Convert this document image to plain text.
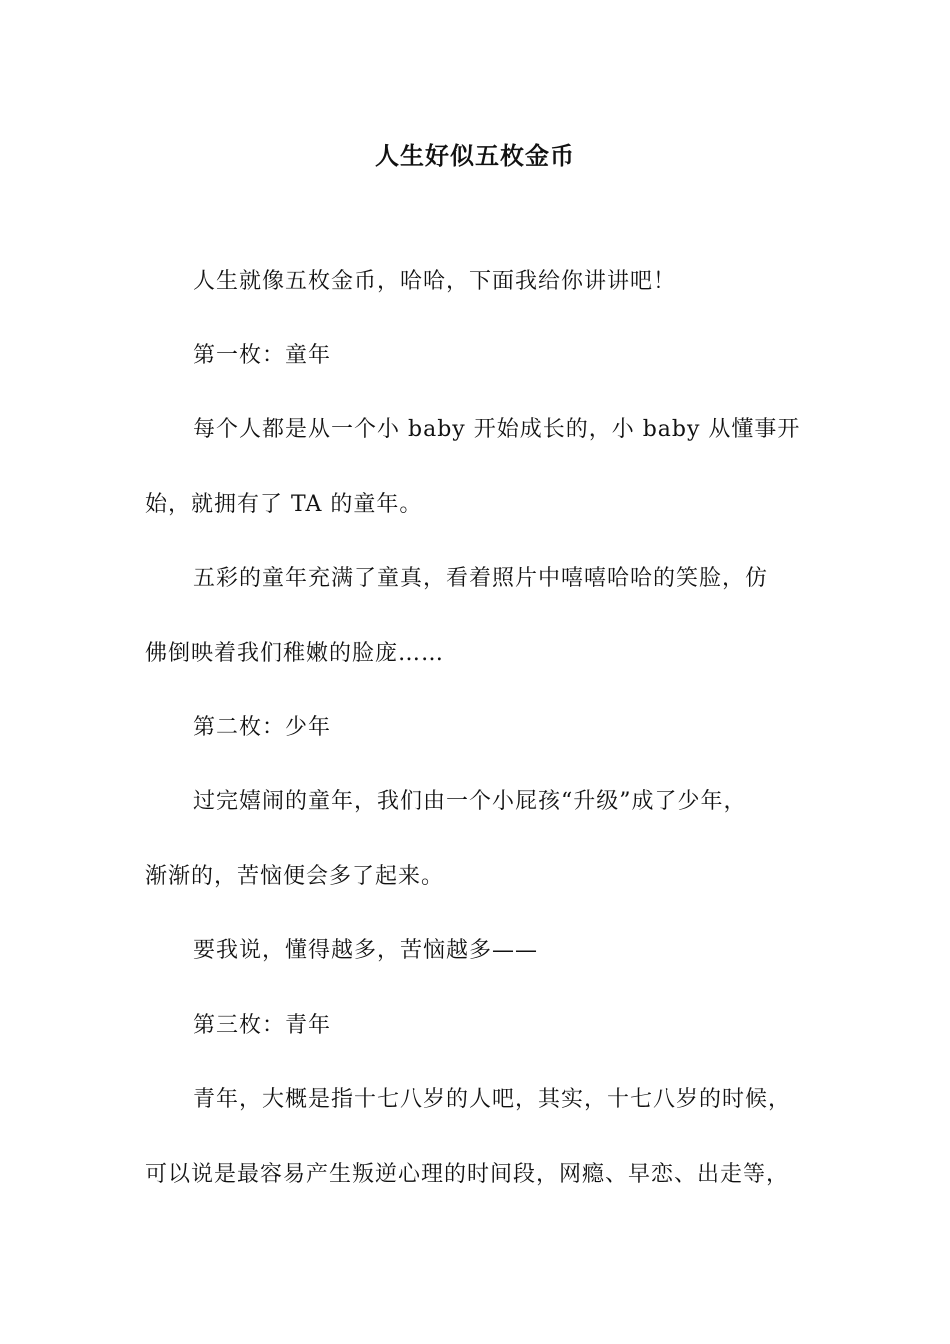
人生好似五枚金币
人生就像五枚金币，哈哈，下面我给你讲讲吧！
第一枚：童年
每个人都是从一个小 baby 开始成长的，小 baby 从懂事开
始，就拥有了 TA 的童年。
五彩的童年充满了童真，看着照片中嘻嘻哈哈的笑脸，仿
佛倒映着我们稚嫩的脸庞……
第二枚：少年
过完嬉闹的童年，我们由一个小屁孩“升级”成了少年，
渐渐的，苦恼便会多了起来。
要我说，懂得越多，苦恼越多——
第三枚：青年
青年，大概是指十七八岁的人吧，其实，十七八岁的时候，
可以说是最容易产生叛逆心理的时间段，网瘾、早恋、出走等，
